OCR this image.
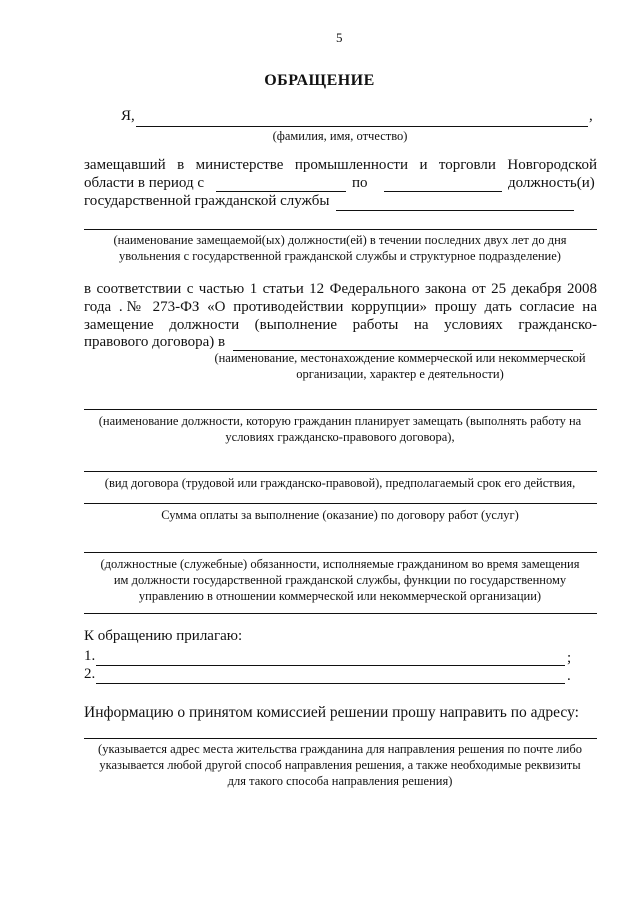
5
ОБРАЩЕНИЕ
Я,	,
(фамилия, имя, отчество)
замещавший в министерстве промышленности и торговли Новгородской
области в период с	по	должность(и)
государственной гражданской службы
(наименование замещаемой(ых) должности(ей) в течении последних двух лет до дня
увольнения с государственной гражданской службы и структурное подразделение)
в соответствии с частью 1 статьи 12 Федерального закона от 25 декабря 2008
года .№ 273-ФЗ «О противодействии коррупции» прошу дать согласие на
замещение должности (выполнение работы на условиях гражданско-
правового договора) в
(наименование, местонахождение коммерческой или некоммерческой
организации, характер е деятельности)
(наименование должности, которую гражданин планирует замещать (выполнять работу на
условиях гражданско-правового договора),
(вид договора (трудовой или гражданско-правовой), предполагаемый срок его действия,
Сумма оплаты за выполнение (оказание) по договору работ (услуг)
(должностные (служебные) обязанности, исполняемые гражданином во время замещения
им должности государственной гражданской службы, функции по государственному
управлению в отношении коммерческой или некоммерческой организации)
К обращению прилагаю:
1.	;
2.	.
Информацию о принятом комиссией решении прошу направить по адресу:
(указывается адрес места жительства гражданина для направления решения по почте либо
указывается любой другой способ направления решения, а также необходимые реквизиты
для такого способа направления решения)
